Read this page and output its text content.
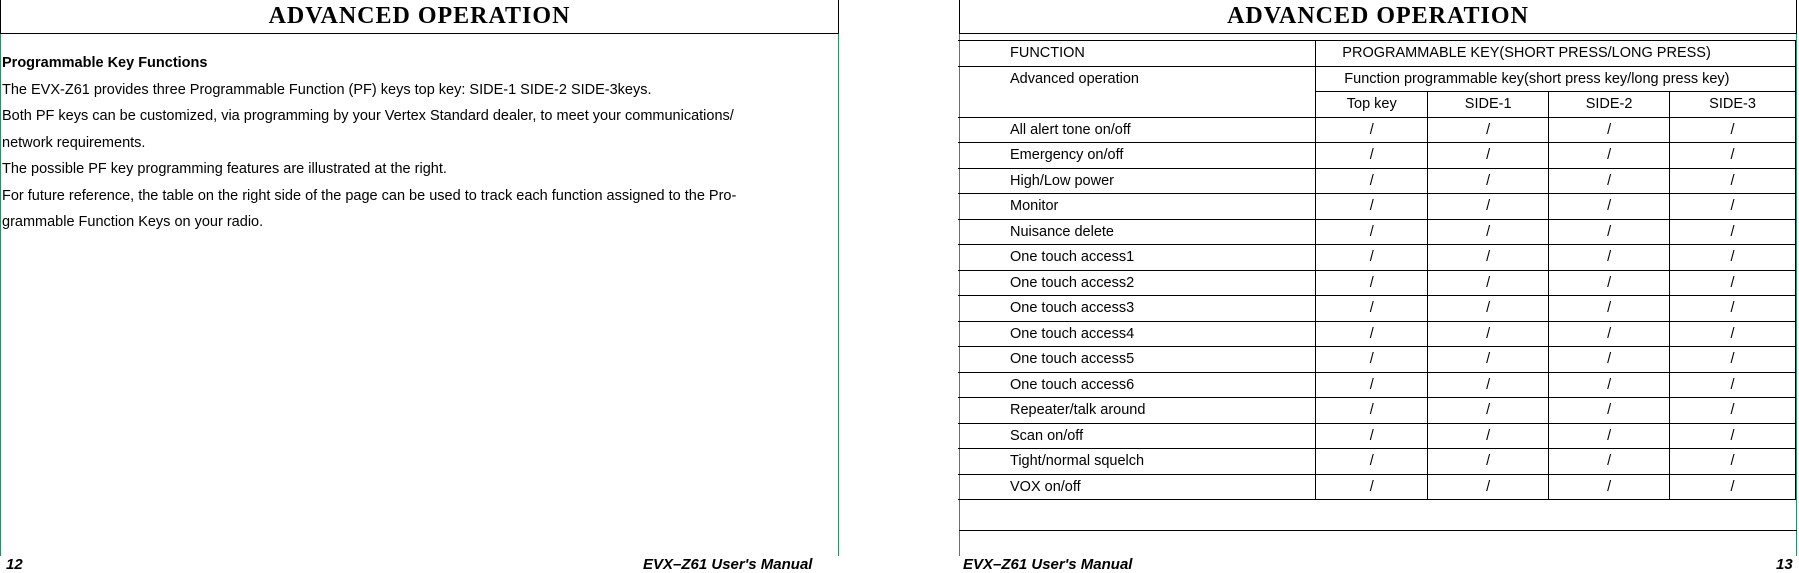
ADVANCED OPERATION

Programmable Key Functions

The EVX-Z61 provides three Programmable Function (PF) keys top key: SIDE-1 SIDE-2 SIDE-3keys.

Both PF keys can be customized, via programming by your Vertex Standard dealer, to meet your communications/

network requirements.

The possible PF key programming features are illustrated at the right.

For future reference, the table on the right side of the page can be used to track each function assigned to the Pro-

grammable Function Keys on your radio.

12	EVX–Z61 User's Manual
ADVANCED OPERATION
FUNCTION	PROGRAMMABLE KEY(SHORT PRESS/LONG PRESS)			
Advanced operation	Function programmable key(short press key/long press key)			
	Top key	SIDE-1	SIDE-2	SIDE-3
All alert tone on/off	/	/	/	/
Emergency on/off	/	/	/	/
High/Low power	/	/	/	/
Monitor	/	/	/	/
Nuisance delete	/	/	/	/
One touch access1	/	/	/	/
One touch access2	/	/	/	/
One touch access3	/	/	/	/
One touch access4	/	/	/	/
One touch access5	/	/	/	/
One touch access6	/	/	/	/
Repeater/talk around	/	/	/	/
Scan on/off	/	/	/	/
Tight/normal squelch	/	/	/	/
VOX on/off	/	/	/	/
EVX–Z61 User's Manual	13
